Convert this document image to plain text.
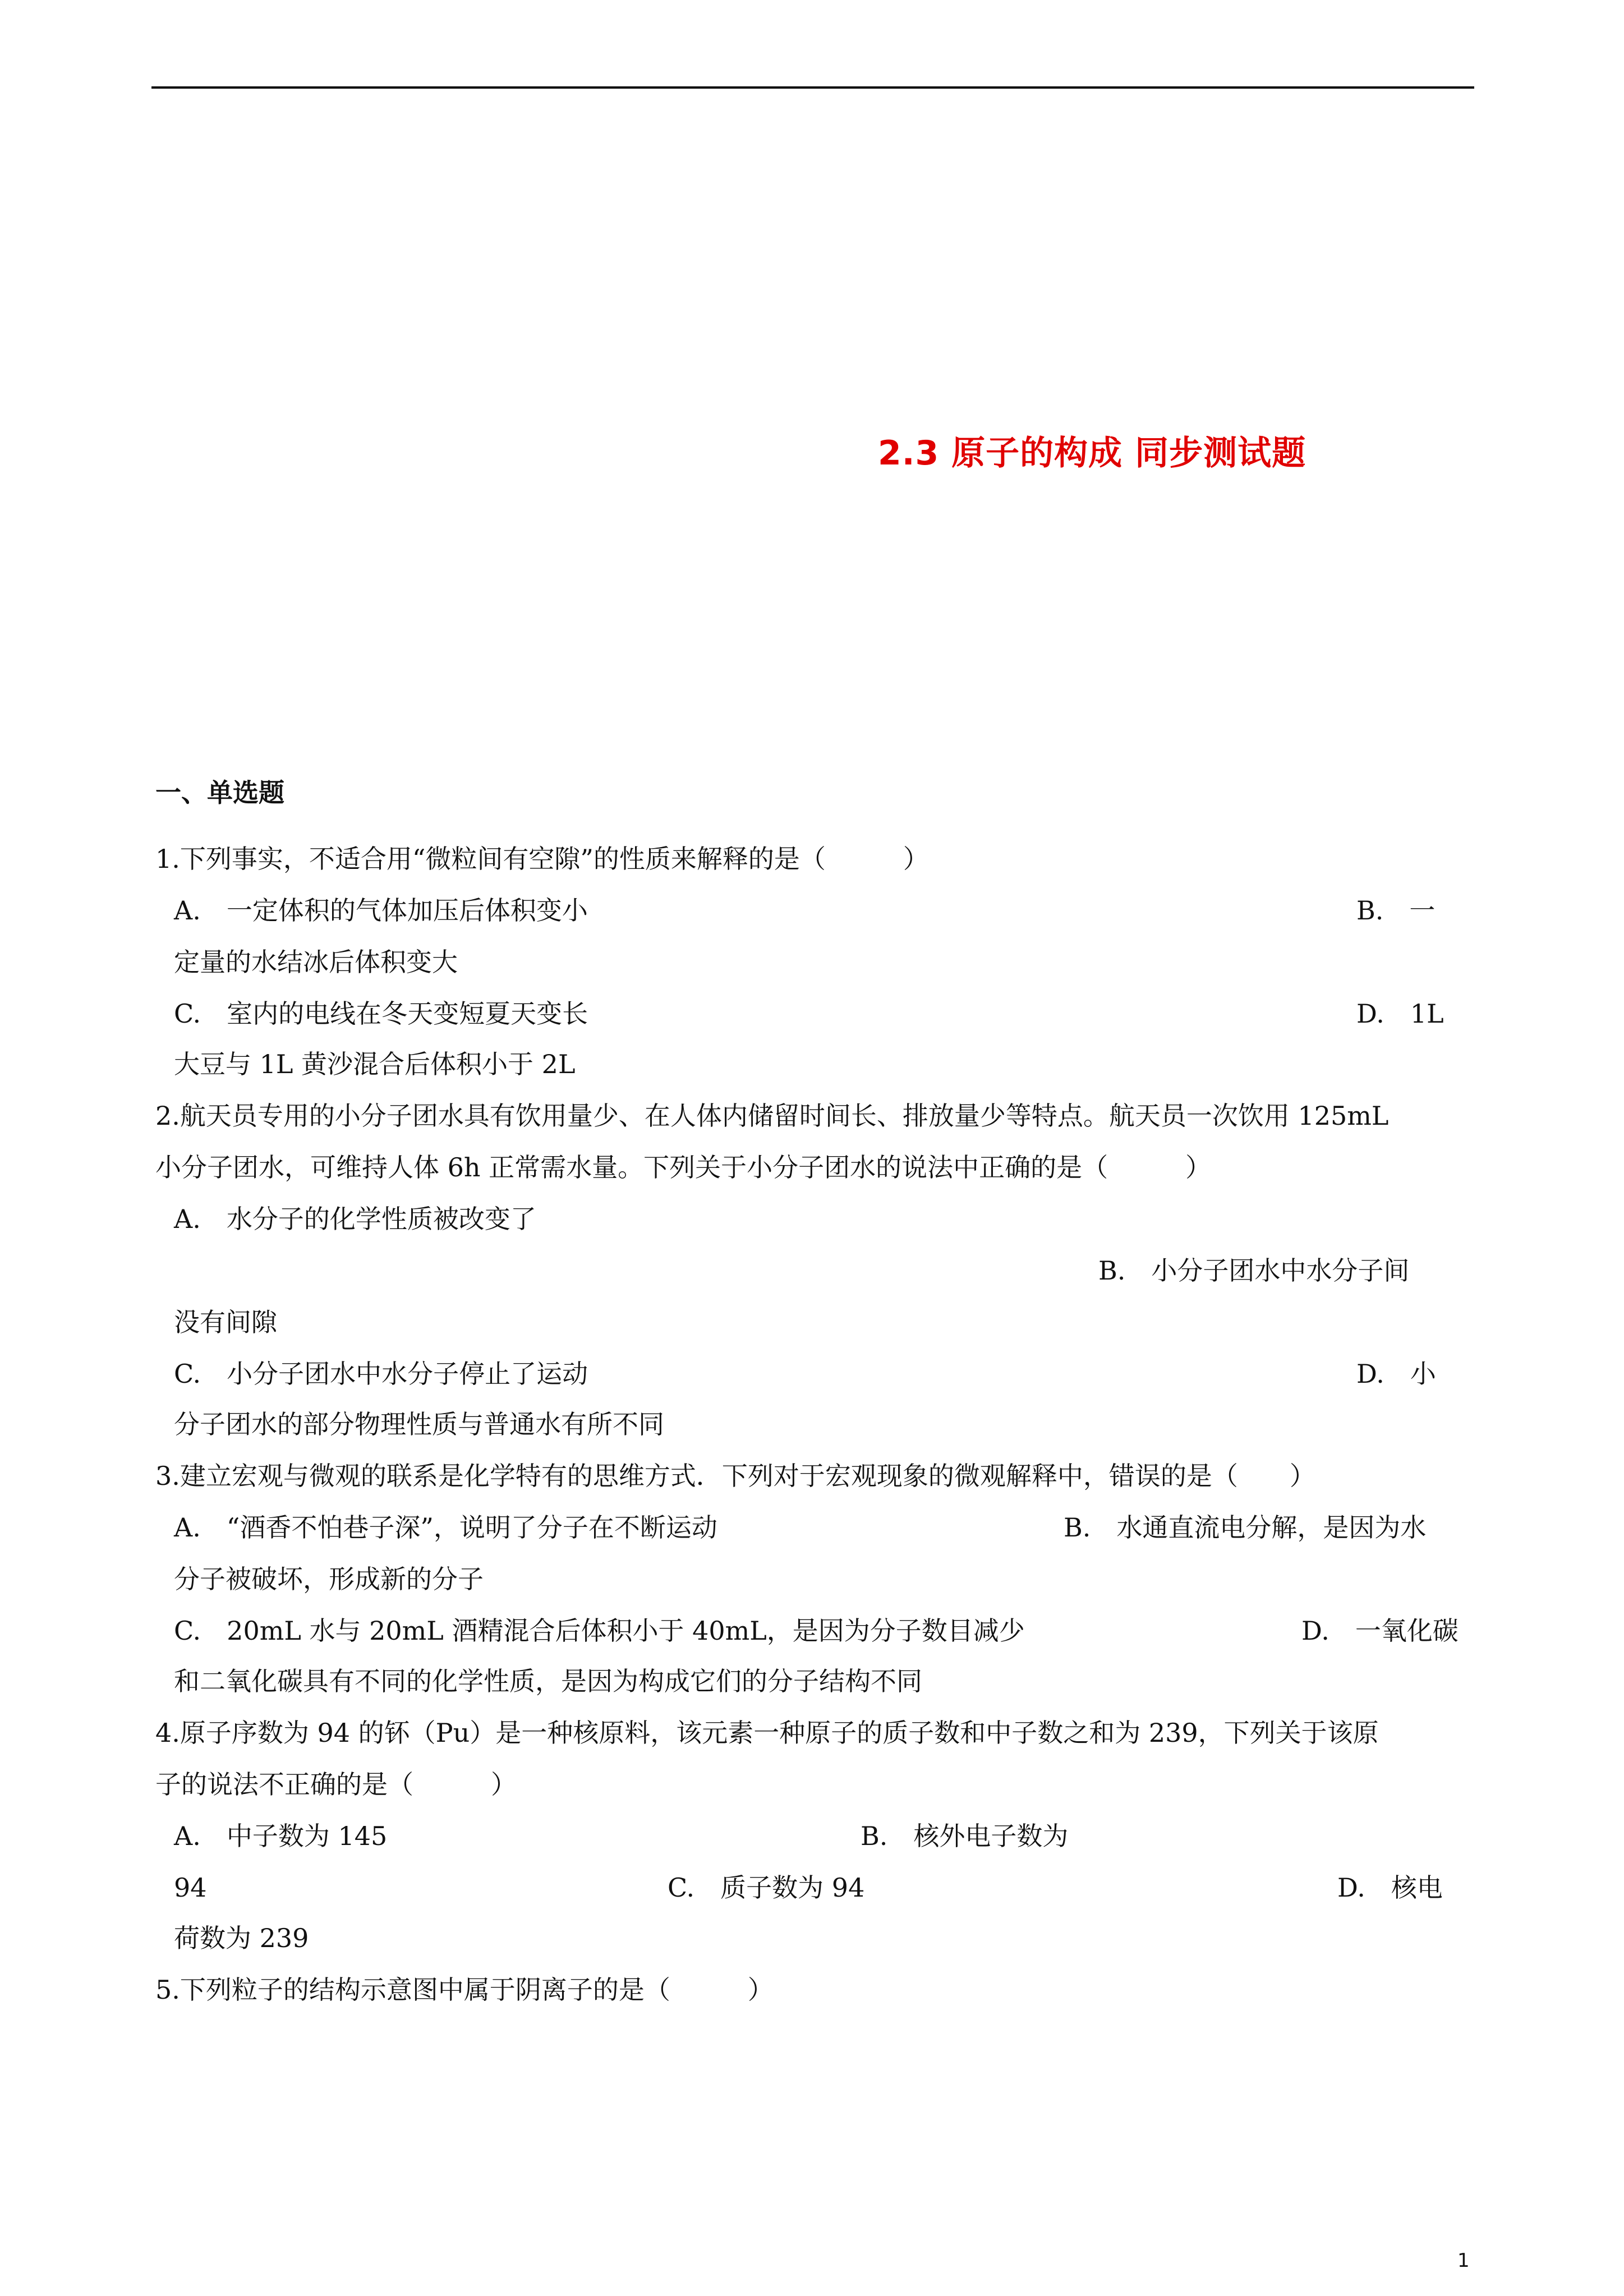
2.3 原子的构成 同步测试题
一、单选题
1.下列事实，不适合用“微粒间有空隙”的性质来解释的是（　　　）
A.　一定体积的气体加压后体积变小	B.　一
定量的水结冰后体积变大
C.　室内的电线在冬天变短夏天变长	D.　1L
大豆与 1L 黄沙混合后体积小于 2L
2.航天员专用的小分子团水具有饮用量少、在人体内储留时间长、排放量少等特点。航天员一次饮用 125mL
小分子团水，可维持人体 6h 正常需水量。下列关于小分子团水的说法中正确的是（　　　）
A.　水分子的化学性质被改变了
B.　小分子团水中水分子间
没有间隙
C.　小分子团水中水分子停止了运动	D.　小
分子团水的部分物理性质与普通水有所不同
3.建立宏观与微观的联系是化学特有的思维方式．下列对于宏观现象的微观解释中，错误的是（　　）
A.　“酒香不怕巷子深”，说明了分子在不断运动	B.　水通直流电分解，是因为水
分子被破坏，形成新的分子
C.　20mL 水与 20mL 酒精混合后体积小于 40mL，是因为分子数目减少	D.　一氧化碳
和二氧化碳具有不同的化学性质，是因为构成它们的分子结构不同
4.原子序数为 94 的钚（Pu）是一种核原料，该元素一种原子的质子数和中子数之和为 239，下列关于该原
子的说法不正确的是（　　　）
A.　中子数为 145	B.　核外电子数为
94	C.　质子数为 94	D.　核电
荷数为 239
5.下列粒子的结构示意图中属于阴离子的是（　　　）
1
